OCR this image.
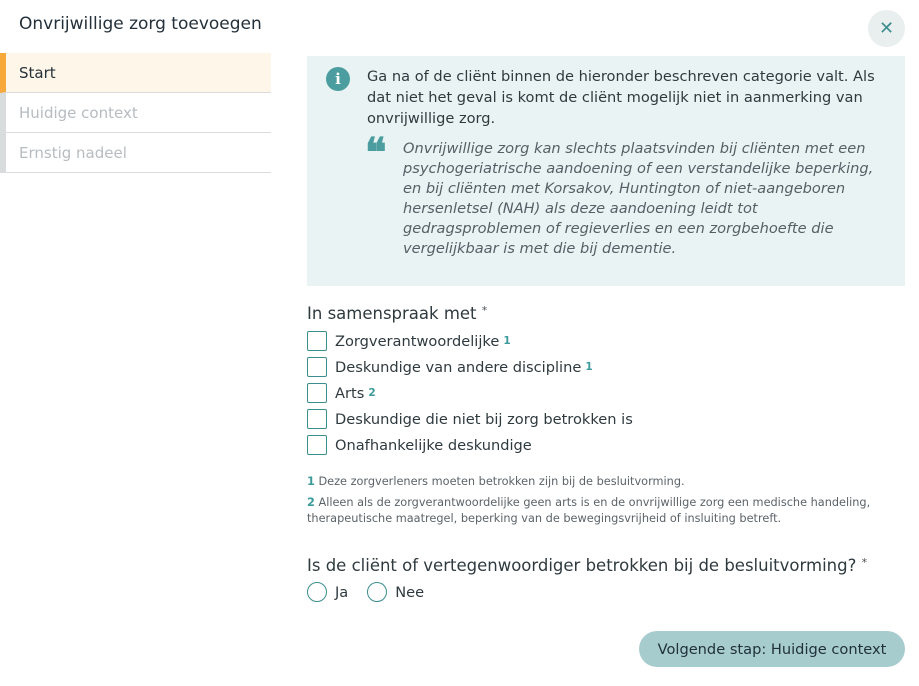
Onvrijwillige zorg toevoegen	✕
Start
Huidige context
Ernstig nadeel
i	Ga na of de cliënt binnen de hieronder beschreven categorie valt. Als dat niet het geval is komt de cliënt mogelijk niet in aanmerking van onvrijwillige zorg.
❝ Onvrijwillige zorg kan slechts plaatsvinden bij cliënten met een psychogeriatrische aandoening of een verstandelijke beperking, en bij cliënten met Korsakov, Huntington of niet-aangeboren hersenletsel (NAH) als deze aandoening leidt tot gedragsproblemen of regieverlies en een zorgbehoefte die vergelijkbaar is met die bij dementie.
In samenspraak met *
Zorgverantwoordelijke 1
Deskundige van andere discipline 1
Arts 2
Deskundige die niet bij zorg betrokken is
Onafhankelijke deskundige
1 Deze zorgverleners moeten betrokken zijn bij de besluitvorming.
2 Alleen als de zorgverantwoordelijke geen arts is en de onvrijwillige zorg een medische handeling, therapeutische maatregel, beperking van de bewegingsvrijheid of insluiting betreft.
Is de cliënt of vertegenwoordiger betrokken bij de besluitvorming? *
Ja	Nee
Volgende stap: Huidige context
